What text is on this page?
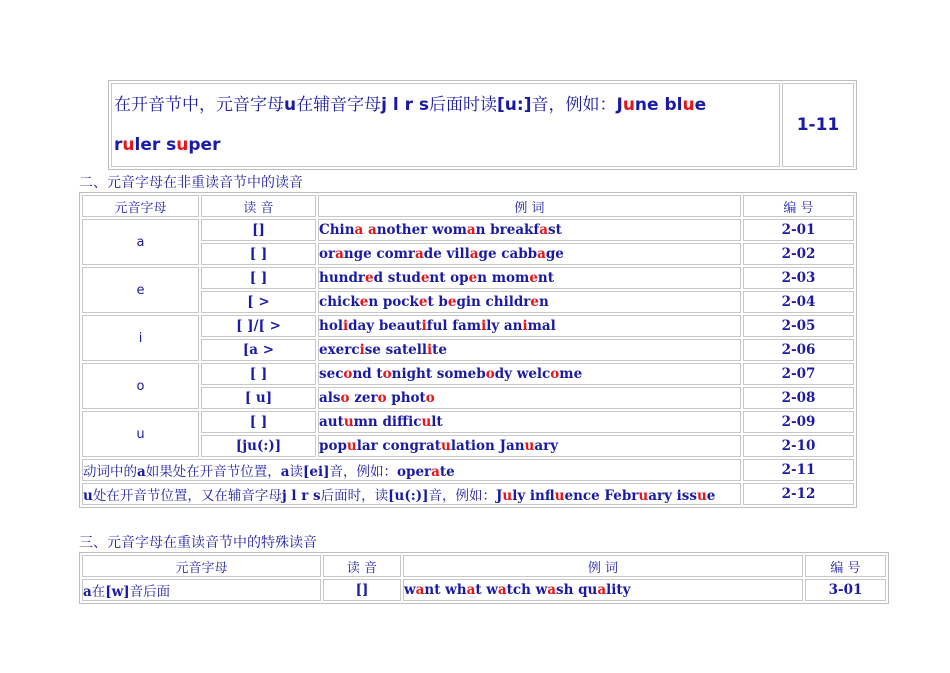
在开音节中，元音字母u在辅音字母j l r s后面时读[u:]音，例如：June blue
ruler super
	1-11
二、元音字母在非重读音节中的读音
元音字母	读 音	例 词	编 号
a	[]	China another woman breakfast	2-01
	[ ]	orange comrade village cabbage	2-02
e	[ ]	hundred student open moment	2-03
	[ >	chicken pocket begin children	2-04
i	[ ]/[ >	holiday beautiful family animal	2-05
	[a >	exercise satellite	2-06
o	[ ]	second tonight somebody welcome	2-07
	[ u]	also zero photo	2-08
u	[ ]	autumn difficult	2-09
	[ju(:)]	popular congratulation January	2-10
动词中的a如果处在开音节位置，a读[ei]音，例如：operate			2-11
u处在开音节位置，又在辅音字母j l r s后面时，读[u(:)]音，例如：July influence February issue			2-12
三、元音字母在重读音节中的特殊读音
元音字母	读 音	例 词	编 号
a在[w]音后面	[]	want what watch wash quality	3-01
